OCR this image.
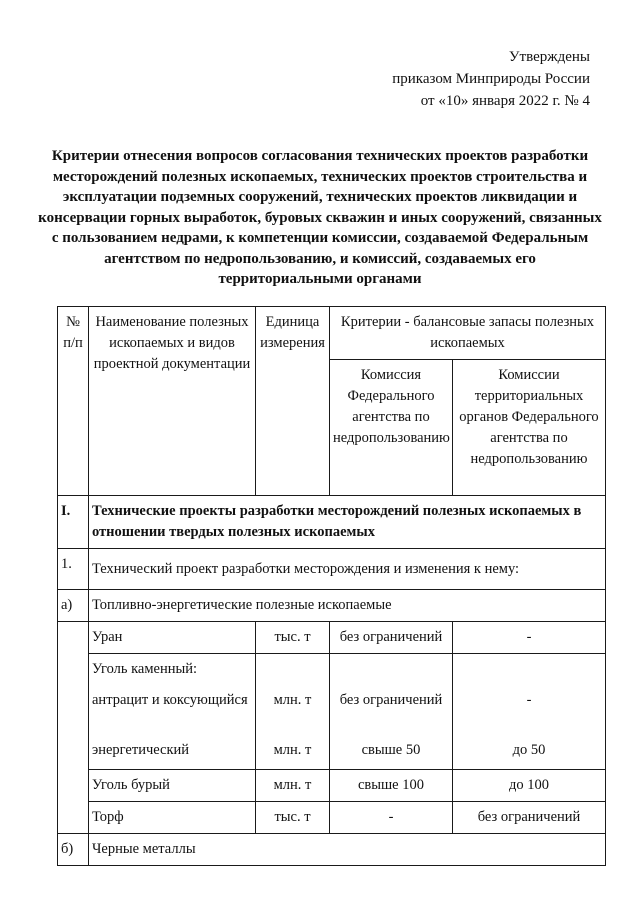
Утверждены
приказом Минприроды России
от «10» января 2022 г. № 4
Критерии отнесения вопросов согласования технических проектов разработки
месторождений полезных ископаемых, технических проектов строительства и
эксплуатации подземных сооружений, технических проектов ликвидации и
консервации горных выработок, буровых скважин и иных сооружений, связанных
с пользованием недрами, к компетенции комиссии, создаваемой Федеральным
агентством по недропользованию, и комиссий, создаваемых его
территориальными органами
№ п/п	Наименование полезных ископаемых и видов проектной документации	Единица измерения	Критерии - балансовые запасы полезных ископаемых	
			Комиссия Федерального агентства по недропользованию	Комиссии территориальных органов Федерального агентства по недропользованию
I.	Технические проекты разработки месторождений полезных ископаемых в отношении твердых полезных ископаемых			
1.	Технический проект разработки месторождения и изменения к нему:			
а)	Топливно-энергетические полезные ископаемые			
	Уран	тыс. т	без ограничений	-
	Уголь каменный:			
	антрацит и коксующийся	млн. т	без ограничений	-
	энергетический	млн. т	свыше 50	до 50
	Уголь бурый	млн. т	свыше 100	до 100
	Торф	тыс. т	-	без ограничений
б)	Черные металлы			
